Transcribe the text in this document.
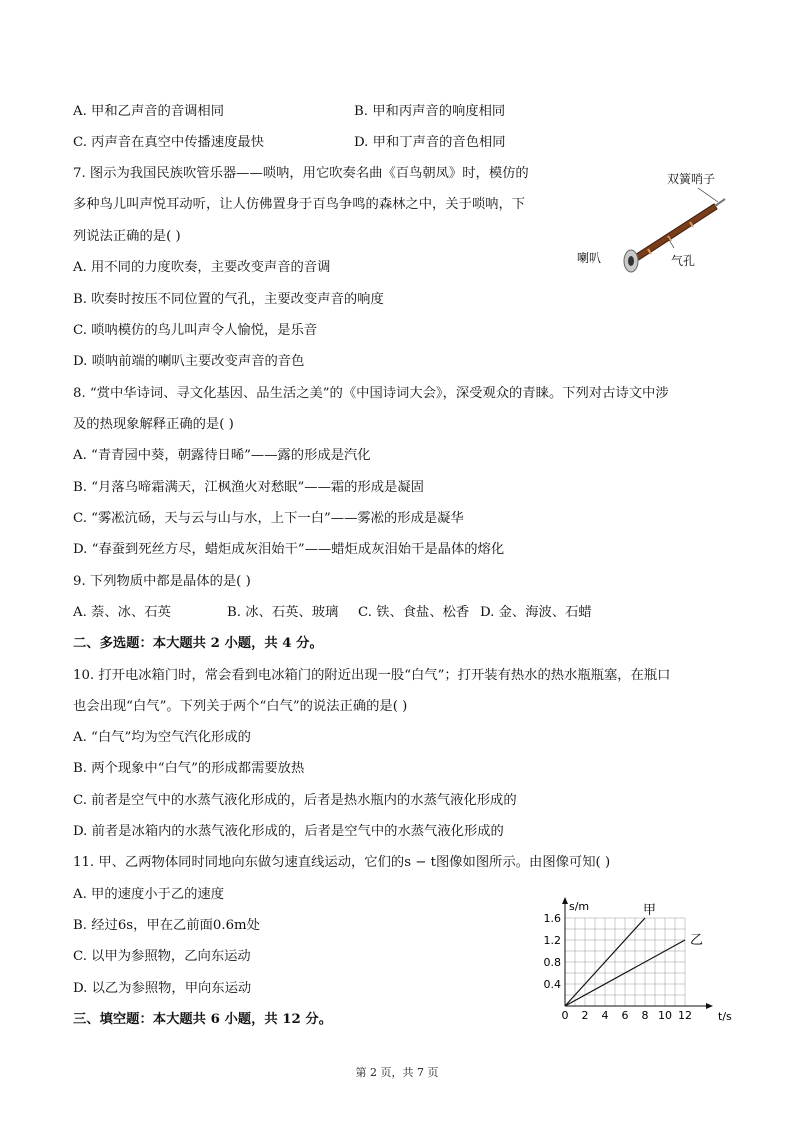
A. 甲和乙声音的音调相同	B. 甲和丙声音的响度相同
C. 丙声音在真空中传播速度最快	D. 甲和丁声音的音色相同
7. 图示为我国民族吹管乐器——唢呐，用它吹奏名曲《百鸟朝凤》时，模仿的
多种鸟儿叫声悦耳动听，让人仿佛置身于百鸟争鸣的森林之中，关于唢呐，下
列说法正确的是( )
A. 用不同的力度吹奏，主要改变声音的音调
B. 吹奏时按压不同位置的气孔，主要改变声音的响度
C. 唢呐模仿的鸟儿叫声令人愉悦，是乐音
D. 唢呐前端的喇叭主要改变声音的音色
双簧哨子
喇叭	气孔
8. “赏中华诗词、寻文化基因、品生活之美”的《中国诗词大会》，深受观众的青睐。下列对古诗文中涉
及的热现象解释正确的是( )
A. “青青园中葵，朝露待日晞”——露的形成是汽化
B. “月落乌啼霜满天，江枫渔火对愁眠”——霜的形成是凝固
C. “雾凇沆砀，天与云与山与水，上下一白”——雾凇的形成是凝华
D. “春蚕到死丝方尽，蜡炬成灰泪始干”——蜡炬成灰泪始干是晶体的熔化
9. 下列物质中都是晶体的是( )
A. 萘、冰、石英	B. 冰、石英、玻璃 C. 铁、食盐、松香 D. 金、海波、石蜡
二、多选题：本大题共 2 小题，共 4 分。
10. 打开电冰箱门时，常会看到电冰箱门的附近出现一股“白气”；打开装有热水的热水瓶瓶塞，在瓶口
也会出现“白气”。下列关于两个“白气”的说法正确的是( )
A. “白气”均为空气汽化形成的
B. 两个现象中“白气”的形成都需要放热
C. 前者是空气中的水蒸气液化形成的，后者是热水瓶内的水蒸气液化形成的
D. 前者是冰箱内的水蒸气液化形成的，后者是空气中的水蒸气液化形成的
11. 甲、乙两物体同时同地向东做匀速直线运动，它们的s − t图像如图所示。由图像可知( )
A. 甲的速度小于乙的速度
B. 经过6s，甲在乙前面0.6m处
C. 以甲为参照物，乙向东运动
D. 以乙为参照物，甲向东运动
0 2 4 6 8 10 12
0.4
0.8
1.2
1.6
t/s
s/m	甲
乙
三、填空题：本大题共 6 小题，共 12 分。
第 2 页，共 7 页
